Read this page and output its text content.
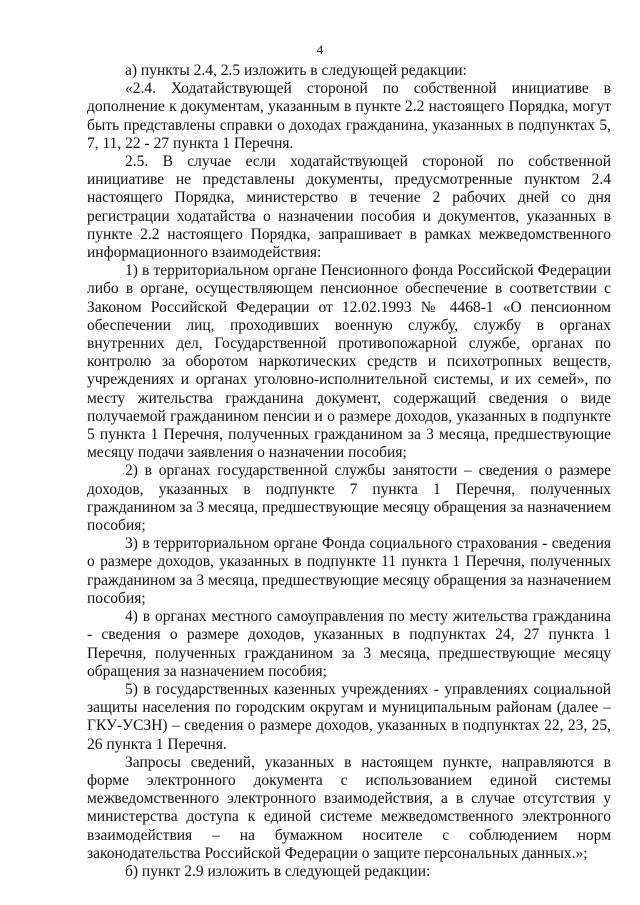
4

а) пункты 2.4, 2.5 изложить в следующей редакции:

«2.4. Ходатайствующей стороной по собственной инициативе в дополнение к документам, указанным в пункте 2.2 настоящего Порядка, могут быть представлены справки о доходах гражданина, указанных в подпунктах 5, 7, 11, 22 - 27 пункта 1 Перечня.

2.5. В случае если ходатайствующей стороной по собственной инициативе не представлены документы, предусмотренные пунктом 2.4 настоящего Порядка, министерство в течение 2 рабочих дней со дня регистрации ходатайства о назначении пособия и документов, указанных в пункте 2.2 настоящего Порядка, запрашивает в рамках межведомственного информационного взаимодействия:

1) в территориальном органе Пенсионного фонда Российской Федерации либо в органе, осуществляющем пенсионное обеспечение в соответствии с Законом Российской Федерации от 12.02.1993 № 4468-1 «О пенсионном обеспечении лиц, проходивших военную службу, службу в органах внутренних дел, Государственной противопожарной службе, органах по контролю за оборотом наркотических средств и психотропных веществ, учреждениях и органах уголовно-исполнительной системы, и их семей», по месту жительства гражданина документ, содержащий сведения о виде получаемой гражданином пенсии и о размере доходов, указанных в подпункте 5 пункта 1 Перечня, полученных гражданином за 3 месяца, предшествующие месяцу подачи заявления о назначении пособия;

2) в органах государственной службы занятости – сведения о размере доходов, указанных в подпункте 7 пункта 1 Перечня, полученных гражданином за 3 месяца, предшествующие месяцу обращения за назначением пособия;

3) в территориальном органе Фонда социального страхования - сведения о размере доходов, указанных в подпункте 11 пункта 1 Перечня, полученных гражданином за 3 месяца, предшествующие месяцу обращения за назначением пособия;

4) в органах местного самоуправления по месту жительства гражданина - сведения о размере доходов, указанных в подпунктах 24, 27 пункта 1 Перечня, полученных гражданином за 3 месяца, предшествующие месяцу обращения за назначением пособия;

5) в государственных казенных учреждениях - управлениях социальной защиты населения по городским округам и муниципальным районам (далее – ГКУ-УСЗН) – сведения о размере доходов, указанных в подпунктах 22, 23, 25, 26 пункта 1 Перечня.

Запросы сведений, указанных в настоящем пункте, направляются в форме электронного документа с использованием единой системы межведомственного электронного взаимодействия, а в случае отсутствия у министерства доступа к единой системе межведомственного электронного взаимодействия – на бумажном носителе с соблюдением норм законодательства Российской Федерации о защите персональных данных.»;

б) пункт 2.9 изложить в следующей редакции:
